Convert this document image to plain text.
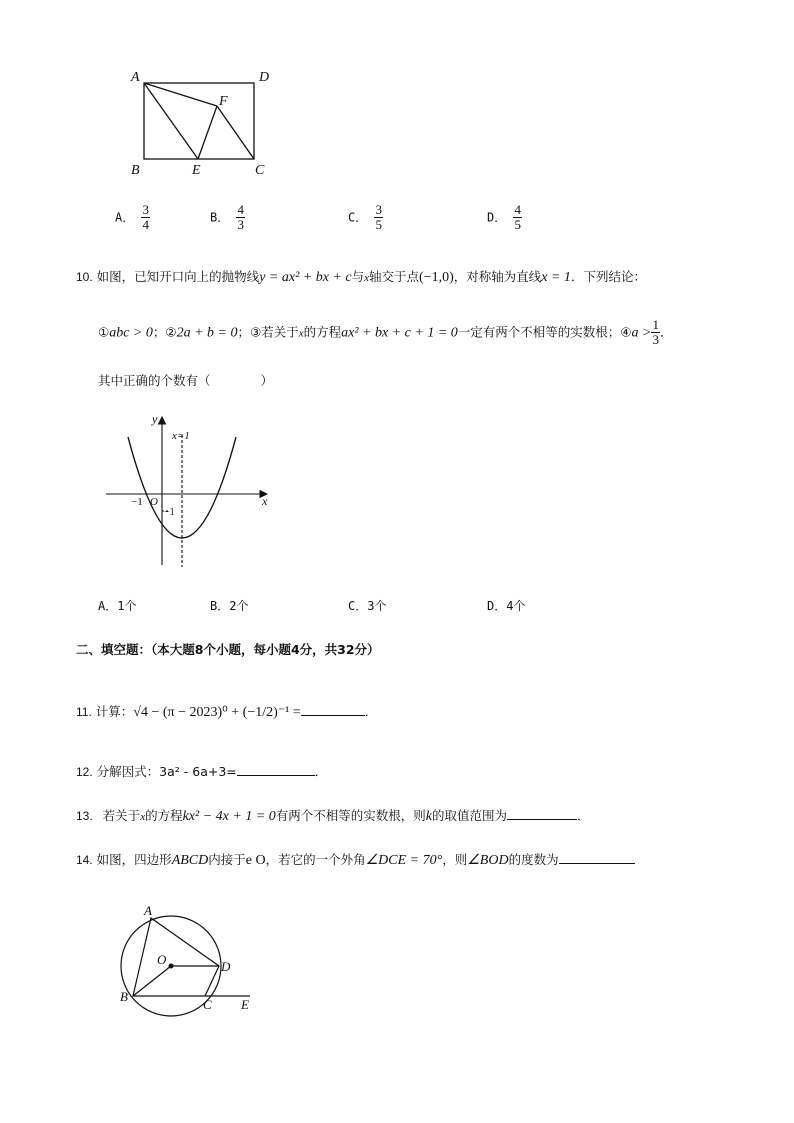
A	D
F
B	E	C
A． $\frac{3}{4}$	B． $\frac{4}{3}$	C． $\frac{3}{5}$	D． $\frac{4}{5}$
10. 如图，已知开口向上的抛物线y = ax² + bx + c与x轴交于点(−1,0)，对称轴为直线x = 1．下列结论：
①abc > 0；②2a + b = 0；③若关于x的方程ax² + bx + c + 1 = 0一定有两个不相等的实数根；④a > $\frac{1}{3}$ ．
其中正确的个数有（　　　　）
y
x
x=1
−1 O
−1
A．1个	B．2个	C．3个	D．4个
二、填空题：（本大题8个小题，每小题4分，共32分）
11. 计算：√4 − (π − 2023)⁰ + (−1/2)⁻¹ =	．
12. 分解因式：3a² - 6a+3=	．
13. 若关于x的方程kx² − 4x + 1 = 0有两个不相等的实数根，则k的取值范围为	．
14. 如图，四边形ABCD内接于e O，若它的一个外角∠DCE = 70°，则∠BOD的度数为
A
O	D
B
C E
